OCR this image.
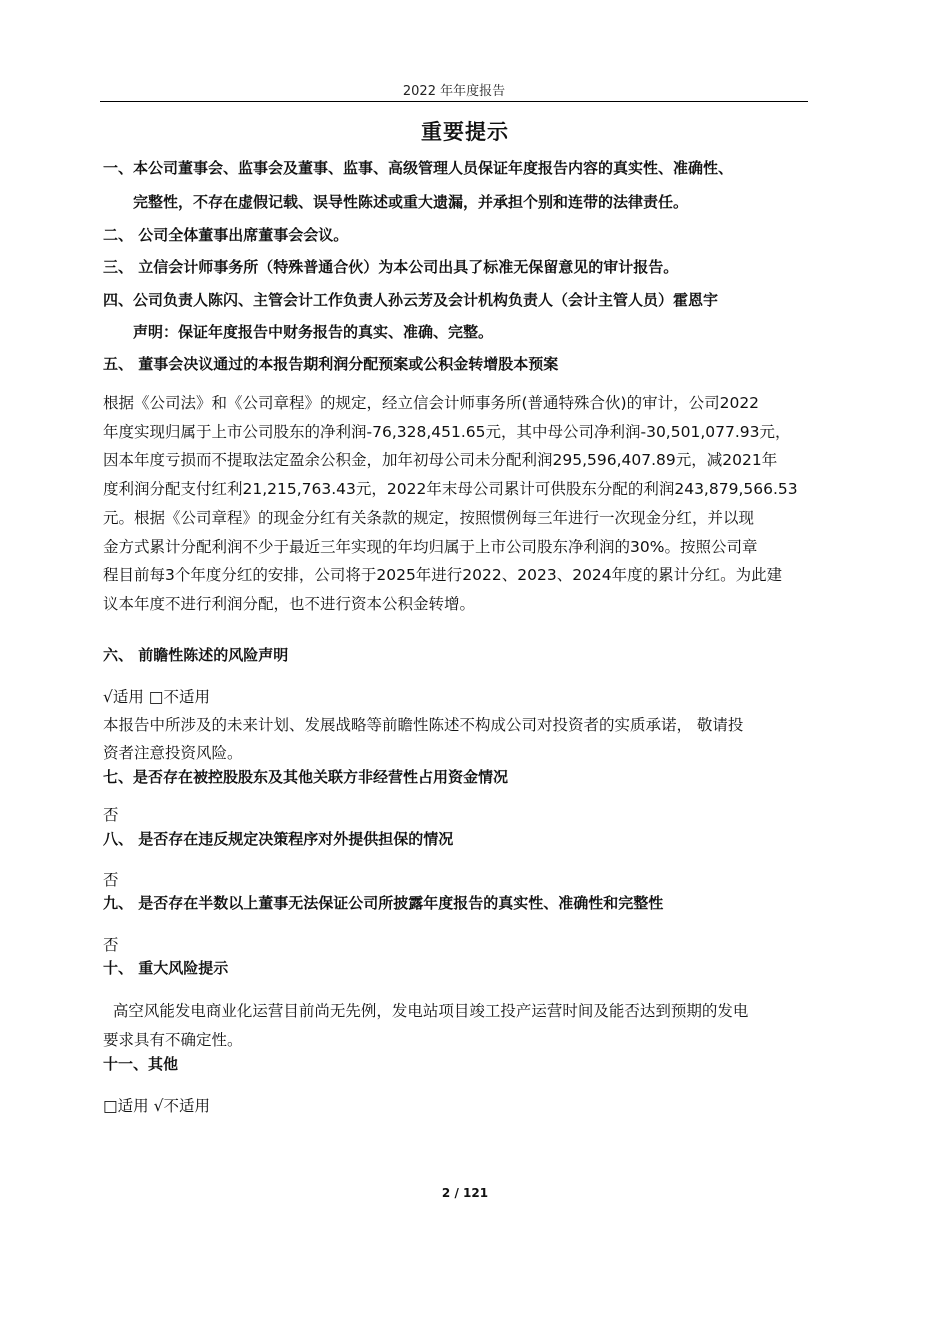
2022 年年度报告
重要提示
一、本公司董事会、监事会及董事、监事、高级管理人员保证年度报告内容的真实性、准确性、
完整性，不存在虚假记载、误导性陈述或重大遗漏，并承担个别和连带的法律责任。
二、 公司全体董事出席董事会会议。
三、 立信会计师事务所（特殊普通合伙）为本公司出具了标准无保留意见的审计报告。
四、公司负责人陈闪、主管会计工作负责人孙云芳及会计机构负责人（会计主管人员）霍恩宇
声明：保证年度报告中财务报告的真实、准确、完整。
五、 董事会决议通过的本报告期利润分配预案或公积金转增股本预案
根据《公司法》和《公司章程》的规定，经立信会计师事务所(普通特殊合伙)的审计，公司2022
年度实现归属于上市公司股东的净利润-76,328,451.65元，其中母公司净利润-30,501,077.93元，
因本年度亏损而不提取法定盈余公积金，加年初母公司未分配利润295,596,407.89元，减2021年
度利润分配支付红利21,215,763.43元，2022年末母公司累计可供股东分配的利润243,879,566.53
元。根据《公司章程》的现金分红有关条款的规定，按照惯例每三年进行一次现金分红，并以现
金方式累计分配利润不少于最近三年实现的年均归属于上市公司股东净利润的30%。按照公司章
程目前每3个年度分红的安排，公司将于2025年进行2022、2023、2024年度的累计分红。为此建
议本年度不进行利润分配，也不进行资本公积金转增。
六、 前瞻性陈述的风险声明
√适用 □不适用
本报告中所涉及的未来计划、发展战略等前瞻性陈述不构成公司对投资者的实质承诺， 敬请投
资者注意投资风险。
七、是否存在被控股股东及其他关联方非经营性占用资金情况
否
八、 是否存在违反规定决策程序对外提供担保的情况
否
九、 是否存在半数以上董事无法保证公司所披露年度报告的真实性、准确性和完整性
否
十、 重大风险提示
高空风能发电商业化运营目前尚无先例，发电站项目竣工投产运营时间及能否达到预期的发电
要求具有不确定性。
十一、其他
□适用 √不适用
2 / 121
